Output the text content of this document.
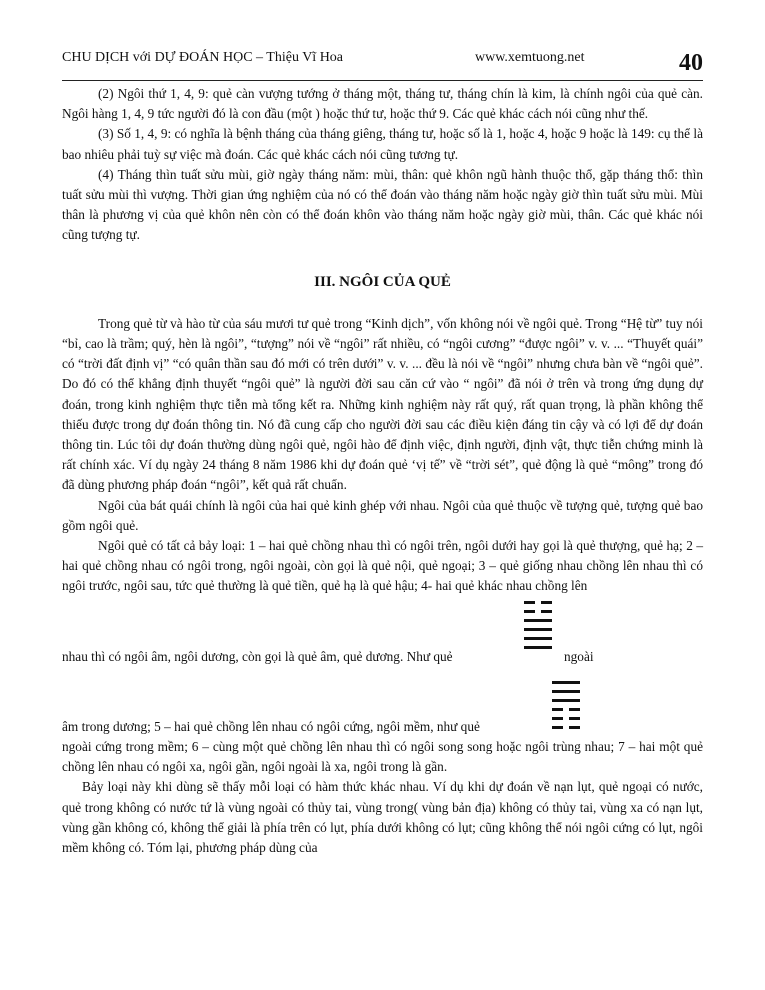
CHU DỊCH với DỰ ĐOÁN HỌC – Thiệu Vĩ Hoa	www.xemtuong.net	40

(2) Ngôi thứ 1, 4, 9: quẻ càn vượng tướng ở tháng một, tháng tư, tháng chín là kim, là chính ngôi của quẻ càn. Ngôi hàng 1, 4, 9 tức người đó là con đầu (một ) hoặc thứ tư, hoặc thứ 9. Các quẻ khác cách nói cũng như thế.

(3) Số 1, 4, 9: có nghĩa là bệnh tháng của tháng giêng, tháng tư, hoặc số là 1, hoặc 4, hoặc 9 hoặc là 149: cụ thể là bao nhiêu phải tuỳ sự việc mà đoán. Các quẻ khác cách nói cũng tương tự.

(4) Tháng thìn tuất sửu mùi, giờ ngày tháng năm: mùi, thân: quẻ khôn ngũ hành thuộc thổ, gặp tháng thổ: thìn tuất sửu mùi thì vượng. Thời gian ứng nghiệm của nó có thể đoán vào tháng năm hoặc ngày giờ thìn tuất sửu mùi. Mùi thân là phương vị của quẻ khôn nên còn có thể đoán khôn vào tháng năm hoặc ngày giờ mùi, thân. Các quẻ khác nói cũng tượng tự.

III. NGÔI CỦA QUẺ

Trong quẻ từ và hào từ của sáu mươi tư quẻ trong “Kinh dịch”, vốn không nói về ngôi quẻ. Trong “Hệ từ” tuy nói “bỉ, cao là trầm; quý, hèn là ngôi”, “tượng” nói về “ngôi” rất nhiều, có “ngôi cương” “được ngôi” v. v. ... “Thuyết quái” có “trời đất định vị” “có quân thần sau đó mới có trên dưới” v. v. ... đều là nói về “ngôi” nhưng chưa bàn về “ngôi quẻ”. Do đó có thể khẳng định thuyết “ngôi quẻ” là người đời sau căn cứ vào “ ngôi” đã nói ở trên và trong ứng dụng dự đoán, trong kinh nghiệm thực tiễn mà tổng kết ra. Những kinh nghiệm này rất quý, rất quan trọng, là phần không thể thiếu được trong dự đoán thông tin. Nó đã cung cấp cho người đời sau các điều kiện đáng tin cậy và có lợi để dự đoán thông tin. Lúc tôi dự đoán thường dùng ngôi quẻ, ngôi hào để định việc, định người, định vật, thực tiễn chứng minh là rất chính xác. Ví dụ ngày 24 tháng 8 năm 1986 khi dự đoán quẻ ‘vị tế” về “trời sét”, quẻ động là quẻ “mông” trong đó đã dùng phương pháp đoán “ngôi”, kết quả rất chuẩn.

Ngôi của bát quái chính là ngôi của hai quẻ kinh ghép với nhau. Ngôi của quẻ thuộc về tượng quẻ, tượng quẻ bao gồm ngôi quẻ.

Ngôi quẻ có tất cả bảy loại: 1 – hai quẻ chồng nhau thì có ngôi trên, ngôi dưới hay gọi là quẻ thượng, quẻ hạ; 2 – hai quẻ chồng nhau có ngôi trong, ngôi ngoài, còn gọi là quẻ nội, quẻ ngoại; 3 – quẻ giống nhau chồng lên nhau thì có ngôi trước, ngôi sau, tức quẻ thường là quẻ tiền, quẻ hạ là quẻ hậu; 4- hai quẻ khác nhau chồng lên

nhau thì có ngôi âm, ngôi dương, còn gọi là quẻ âm, quẻ dương. Như quẻ	ngoài

âm trong dương; 5 – hai quẻ chồng lên nhau có ngôi cứng, ngôi mềm, như quẻ

ngoài cứng trong mềm; 6 – cùng một quẻ chồng lên nhau thì có ngôi song song hoặc ngôi trùng nhau; 7 – hai một quẻ chồng lên nhau có ngôi xa, ngôi gần, ngôi ngoài là xa, ngôi trong là gần.

Bảy loại này khi dùng sẽ thấy mỗi loại có hàm thức khác nhau. Ví dụ khi dự đoán về nạn lụt, quẻ ngoại có nước, quẻ trong không có nước tứ là vùng ngoài có thủy tai, vùng trong( vùng bản địa) không có thủy tai, vùng xa có nạn lụt, vùng gần không có, không thể giải là phía trên có lụt, phía dưới không có lụt; cũng không thể nói ngôi cứng có lụt, ngôi mềm không có. Tóm lại, phương pháp dùng của
